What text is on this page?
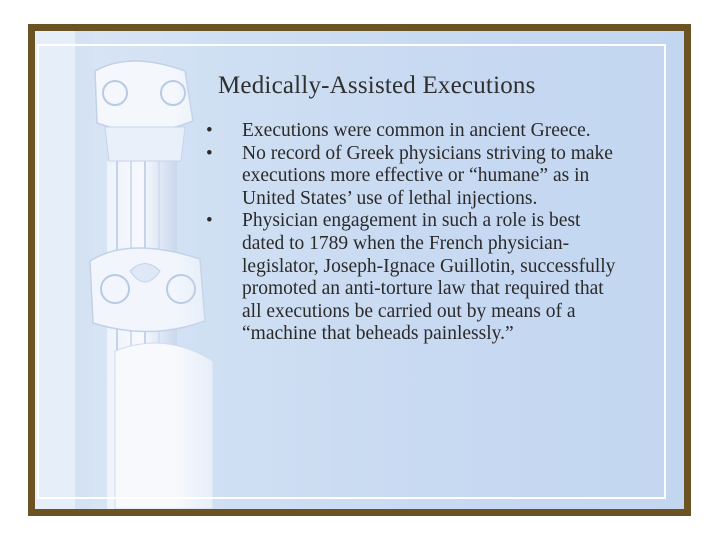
Medically-Assisted Executions
• Executions were common in ancient Greece.
• No record of Greek physicians striving to make executions more effective or “humane” as in United States’ use of lethal injections.
• Physician engagement in such a role is best dated to 1789 when the French physician-legislator, Joseph-Ignace Guillotin, successfully promoted an anti-torture law that required that all executions be carried out by means of a “machine that beheads painlessly.”
